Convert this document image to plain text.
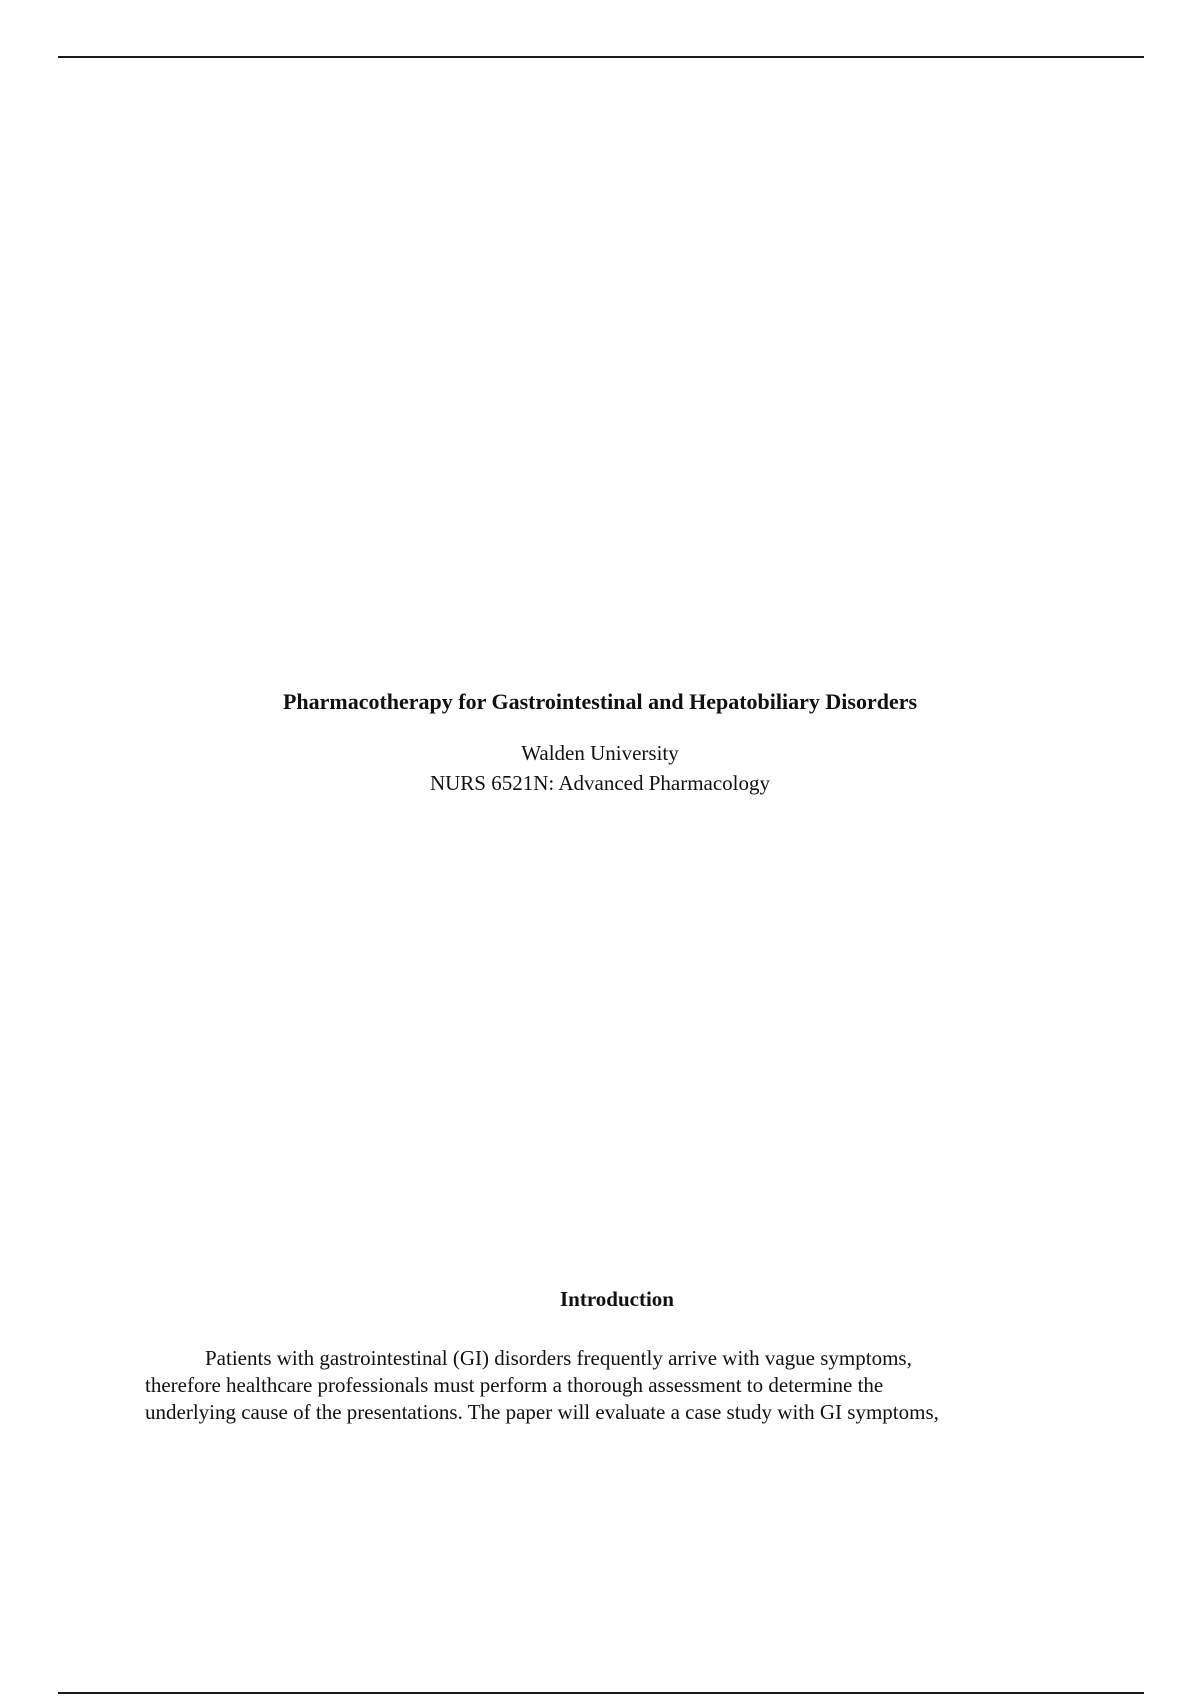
Pharmacotherapy for Gastrointestinal and Hepatobiliary Disorders

Walden University
NURS 6521N: Advanced Pharmacology

Introduction

Patients with gastrointestinal (GI) disorders frequently arrive with vague symptoms,
therefore healthcare professionals must perform a thorough assessment to determine the
underlying cause of the presentations. The paper will evaluate a case study with GI symptoms,
